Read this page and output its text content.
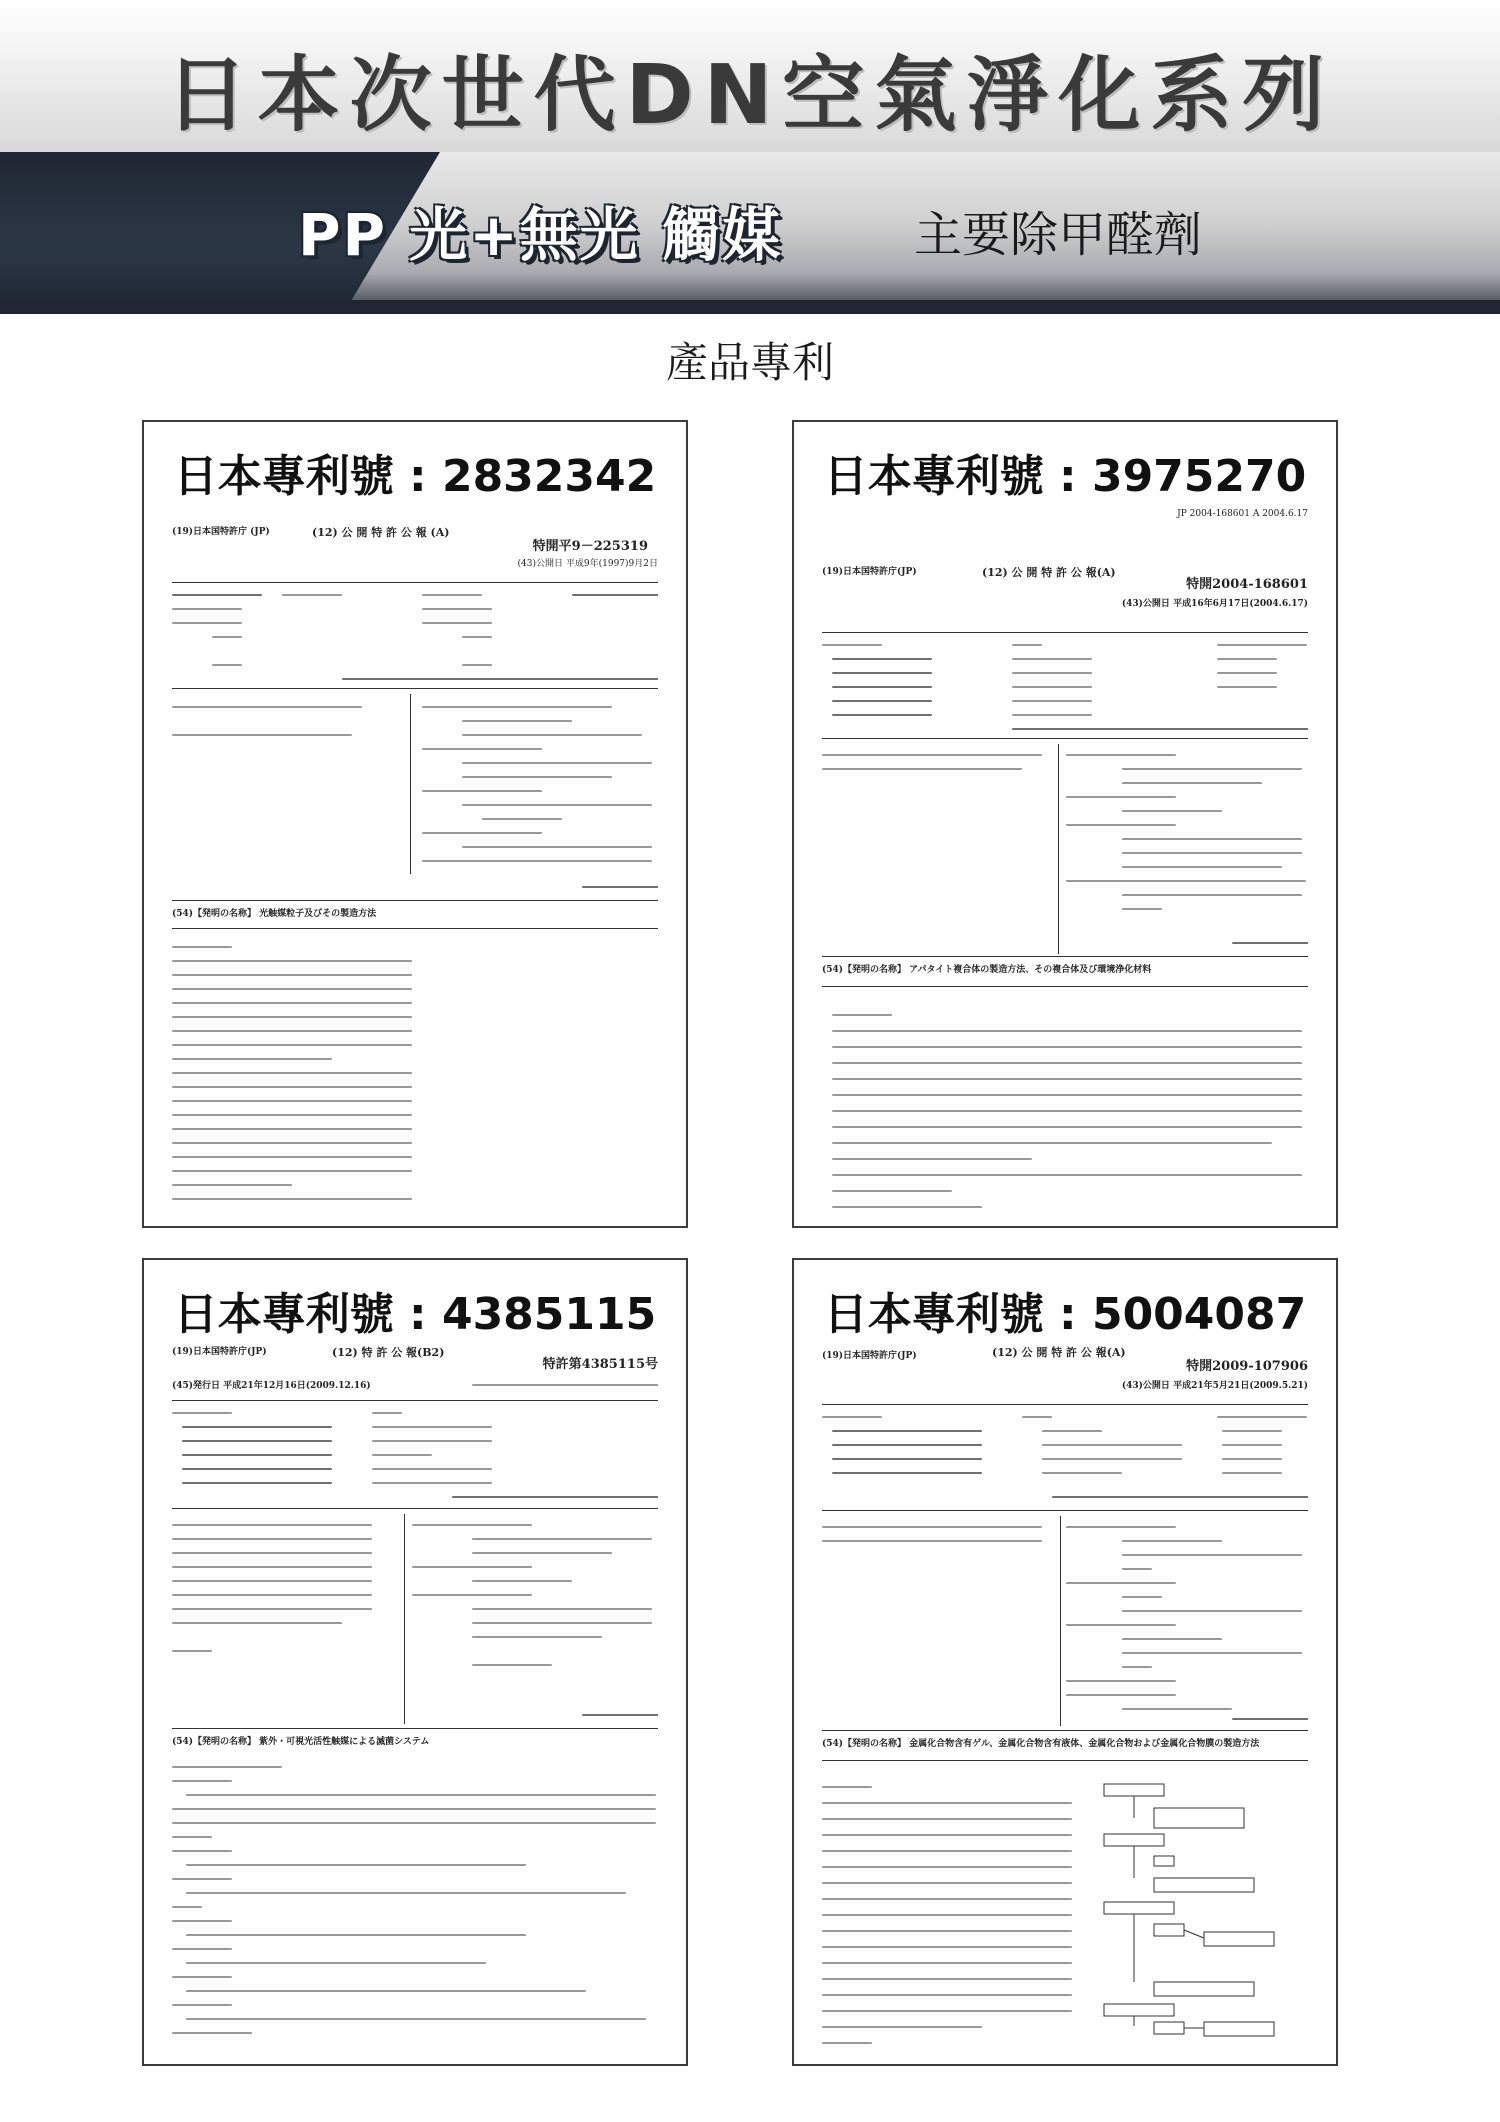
日本次世代DN空氣淨化系列
PP 光+無光 觸媒	主要除甲醛劑
產品專利
日本專利號 : 2832342
(19)日本国特許庁 (JP)	(12) 公 開 特 許 公 報 (A)
特開平9－225319
(43)公開日 平成9年(1997)9月2日
(54)【発明の名称】 光触媒粒子及びその製造方法
日本專利號 : 3975270
JP 2004-168601 A 2004.6.17
(19)日本国特許庁(JP)	(12) 公 開 特 許 公 報(A)
特開2004-168601
(43)公開日 平成16年6月17日(2004.6.17)
(54)【発明の名称】 アパタイト複合体の製造方法、その複合体及び環境浄化材料
日本專利號 : 4385115
(19)日本国特許庁(JP)	(12) 特 許 公 報(B2)
特許第4385115号
(45)発行日 平成21年12月16日(2009.12.16)
(54)【発明の名称】 紫外・可視光活性触媒による滅菌システム
日本專利號 : 5004087
(19)日本国特許庁(JP)	(12) 公 開 特 許 公 報(A)
特開2009-107906
(43)公開日 平成21年5月21日(2009.5.21)
(54)【発明の名称】 金属化合物含有ゲル、金属化合物含有液体、金属化合物および金属化合物膜の製造方法
